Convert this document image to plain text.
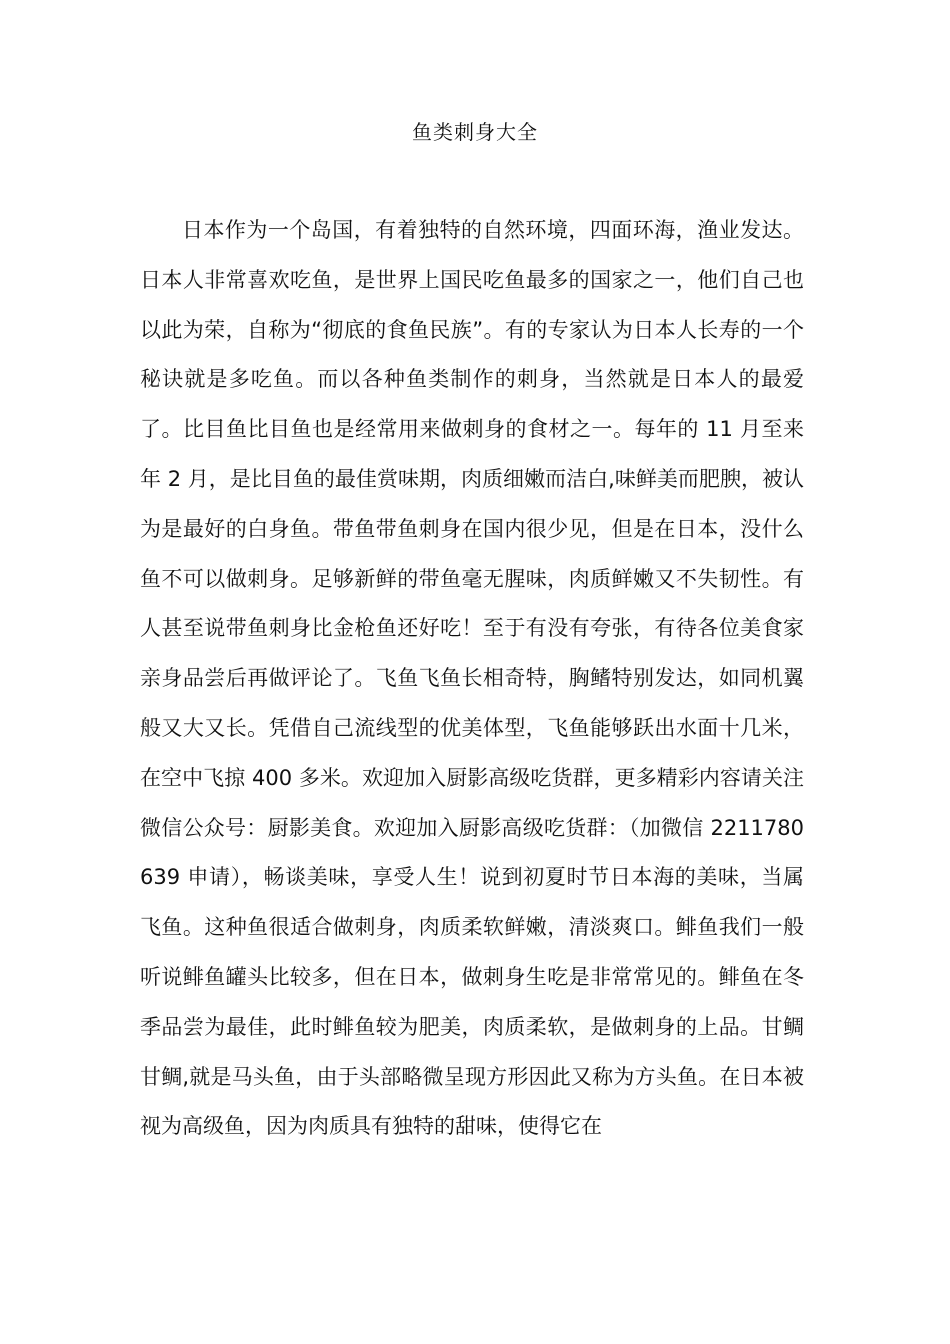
鱼类刺身大全

日本作为一个岛国，有着独特的自然环境，四面环海，渔业发达。日本人非常喜欢吃鱼，是世界上国民吃鱼最多的国家之一，他们自己也以此为荣，自称为“彻底的食鱼民族”。有的专家认为日本人长寿的一个秘诀就是多吃鱼。而以各种鱼类制作的刺身，当然就是日本人的最爱了。比目鱼比目鱼也是经常用来做刺身的食材之一。每年的 11 月至来年 2 月，是比目鱼的最佳赏味期，肉质细嫩而洁白,味鲜美而肥腴，被认为是最好的白身鱼。带鱼带鱼刺身在国内很少见，但是在日本，没什么鱼不可以做刺身。足够新鲜的带鱼毫无腥味，肉质鲜嫩又不失韧性。有人甚至说带鱼刺身比金枪鱼还好吃！至于有没有夸张，有待各位美食家亲身品尝后再做评论了。飞鱼飞鱼长相奇特，胸鳍特别发达，如同机翼般又大又长。凭借自己流线型的优美体型，飞鱼能够跃出水面十几米，在空中飞掠 400 多米。欢迎加入厨影高级吃货群，更多精彩内容请关注微信公众号：厨影美食。欢迎加入厨影高级吃货群：（加微信 2211780639 申请），畅谈美味，享受人生！说到初夏时节日本海的美味，当属飞鱼。这种鱼很适合做刺身，肉质柔软鲜嫩，清淡爽口。鲱鱼我们一般听说鲱鱼罐头比较多，但在日本，做刺身生吃是非常常见的。鲱鱼在冬季品尝为最佳，此时鲱鱼较为肥美，肉质柔软，是做刺身的上品。甘鲷甘鲷,就是马头鱼，由于头部略微呈现方形因此又称为方头鱼。在日本被视为高级鱼，因为肉质具有独特的甜味，使得它在
